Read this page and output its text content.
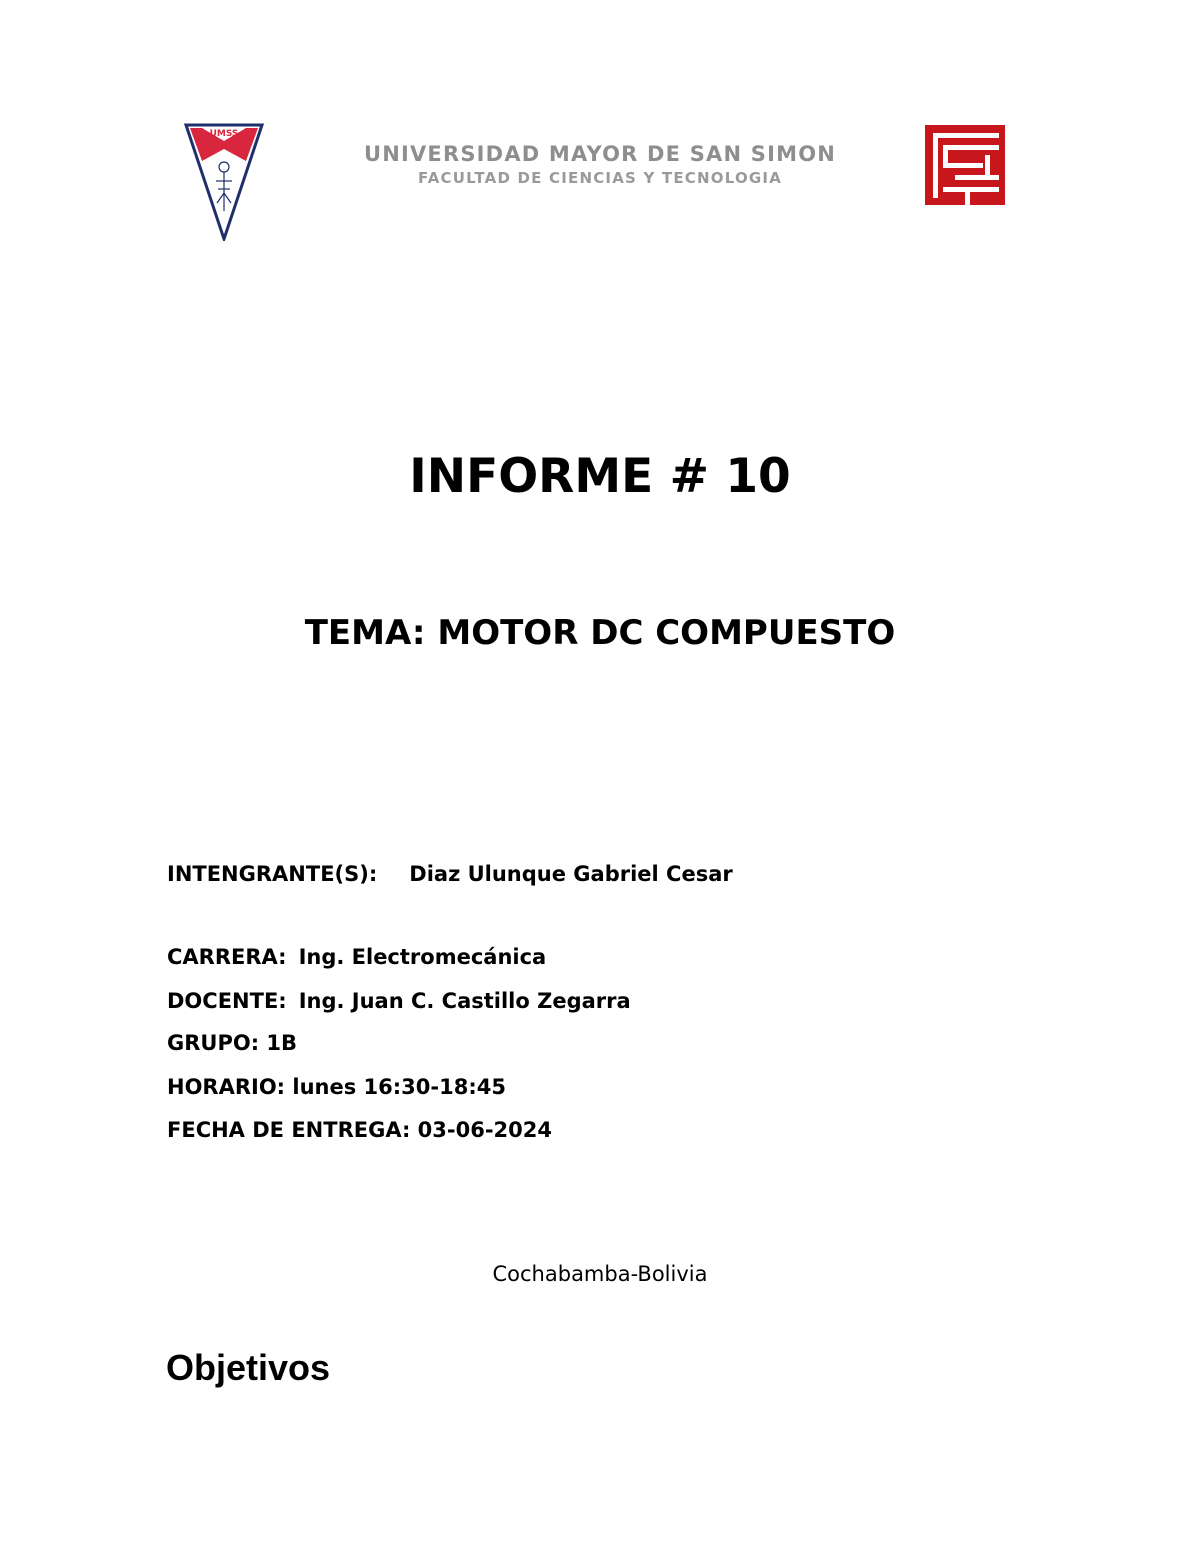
UMSS
UNIVERSIDAD MAYOR DE SAN SIMON
FACULTAD DE CIENCIAS Y TECNOLOGIA
INFORME # 10
TEMA: MOTOR DC COMPUESTO
INTENGRANTE(S): Diaz Ulunque Gabriel Cesar
CARRERA: Ing. Electromecánica
DOCENTE: Ing. Juan C. Castillo Zegarra
GRUPO: 1B
HORARIO: lunes 16:30-18:45
FECHA DE ENTREGA: 03-06-2024
Cochabamba-Bolivia
Objetivos
